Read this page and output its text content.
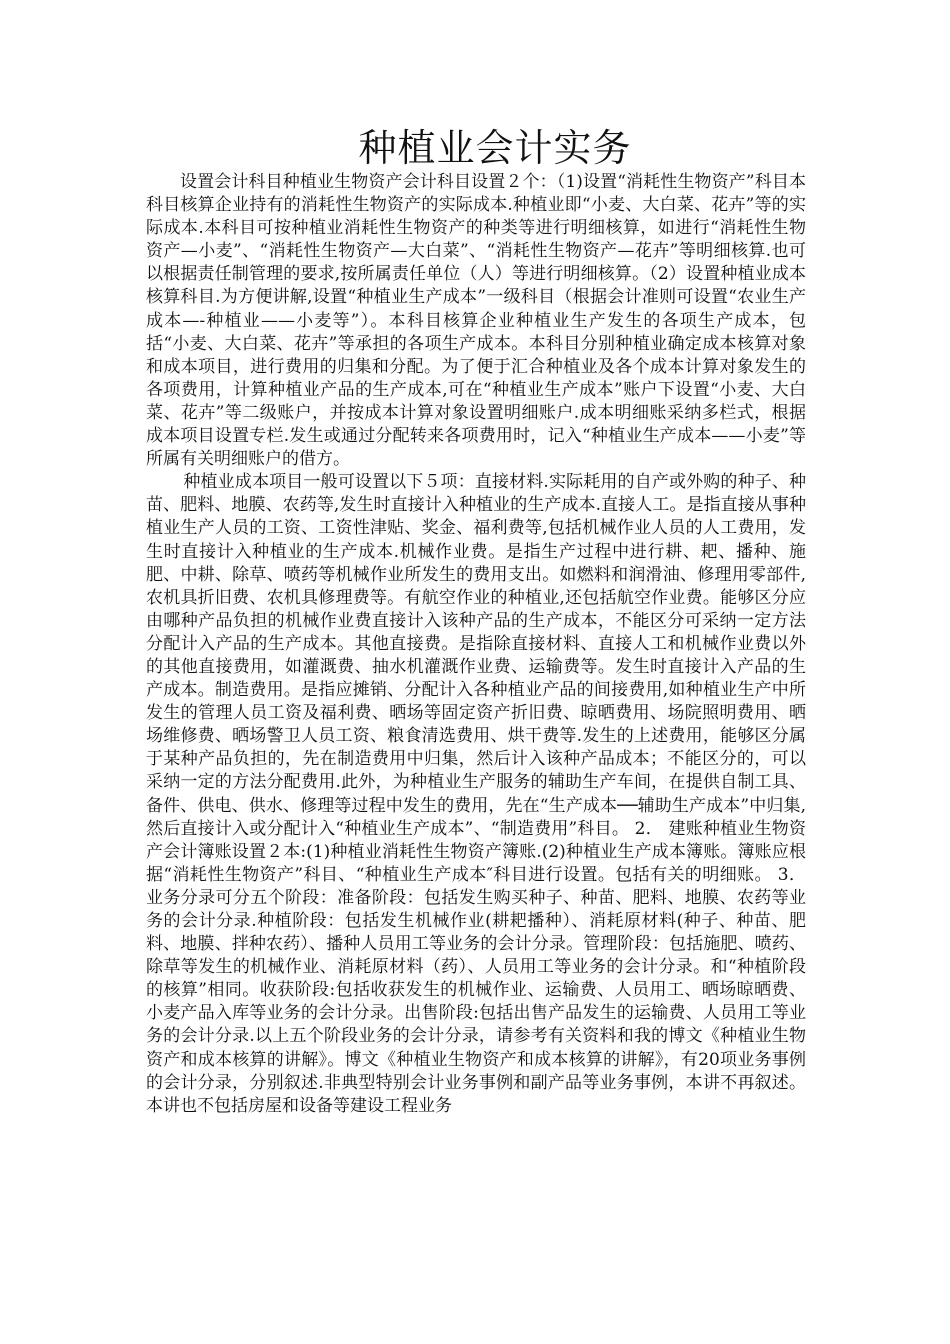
种植业会计实务

设置会计科目种植业生物资产会计科目设置２个：（1)设置“消耗性生物资产”科目本科目核算企业持有的消耗性生物资产的实际成本.种植业即“小麦、大白菜、花卉”等的实际成本.本科目可按种植业消耗性生物资产的种类等进行明细核算，如进行“消耗性生物资产—小麦”、“消耗性生物资产—大白菜”、“消耗性生物资产—花卉”等明细核算.也可以根据责任制管理的要求,按所属责任单位（人）等进行明细核算。（2）设置种植业成本核算科目.为方便讲解,设置“种植业生产成本”一级科目（根据会计准则可设置“农业生产成本—-种植业——小麦等”）。本科目核算企业种植业生产发生的各项生产成本，包括“小麦、大白菜、花卉”等承担的各项生产成本。本科目分别种植业确定成本核算对象和成本项目，进行费用的归集和分配。为了便于汇合种植业及各个成本计算对象发生的各项费用，计算种植业产品的生产成本,可在“种植业生产成本”账户下设置“小麦、大白菜、花卉”等二级账户，并按成本计算对象设置明细账户.成本明细账采纳多栏式，根据成本项目设置专栏.发生或通过分配转来各项费用时，记入“种植业生产成本——小麦”等所属有关明细账户的借方。

种植业成本项目一般可设置以下５项：直接材料.实际耗用的自产或外购的种子、种苗、肥料、地膜、农药等,发生时直接计入种植业的生产成本.直接人工。是指直接从事种植业生产人员的工资、工资性津贴、奖金、福利费等,包括机械作业人员的人工费用，发生时直接计入种植业的生产成本.机械作业费。是指生产过程中进行耕、耙、播种、施肥、中耕、除草、喷药等机械作业所发生的费用支出。如燃料和润滑油、修理用零部件,农机具折旧费、农机具修理费等。有航空作业的种植业,还包括航空作业费。能够区分应由哪种产品负担的机械作业费直接计入该种产品的生产成本，不能区分可采纳一定方法分配计入产品的生产成本。其他直接费。是指除直接材料、直接人工和机械作业费以外的其他直接费用，如灌溉费、抽水机灌溉作业费、运输费等。发生时直接计入产品的生产成本。制造费用。是指应摊销、分配计入各种植业产品的间接费用,如种植业生产中所发生的管理人员工资及福利费、晒场等固定资产折旧费、晾晒费用、场院照明费用、晒场维修费、晒场警卫人员工资、粮食清选费用、烘干费等.发生的上述费用，能够区分属于某种产品负担的，先在制造费用中归集，然后计入该种产品成本；不能区分的，可以采纳一定的方法分配费用.此外，为种植业生产服务的辅助生产车间，在提供自制工具、备件、供电、供水、修理等过程中发生的费用，先在“生产成本──辅助生产成本”中归集,然后直接计入或分配计入“种植业生产成本”、“制造费用”科目。 2． 建账种植业生物资产会计簿账设置２本:(1)种植业消耗性生物资产簿账.(2)种植业生产成本簿账。簿账应根据“消耗性生物资产”科目、“种植业生产成本″科目进行设置。包括有关的明细账。 3． 业务分录可分五个阶段：准备阶段：包括发生购买种子、种苗、肥料、地膜、农药等业务的会计分录.种植阶段：包括发生机械作业(耕耙播种）、消耗原材料(种子、种苗、肥料、地膜、拌种农药）、播种人员用工等业务的会计分录。管理阶段：包括施肥、喷药、除草等发生的机械作业、消耗原材料（药）、人员用工等业务的会计分录。和“种植阶段的核算”相同。收获阶段:包括收获发生的机械作业、运输费、人员用工、晒场晾晒费、小麦产品入库等业务的会计分录。出售阶段:包括出售产品发生的运输费、人员用工等业务的会计分录.以上五个阶段业务的会计分录，请参考有关资料和我的博文《种植业生物资产和成本核算的讲解》。博文《种植业生物资产和成本核算的讲解》，有20项业务事例的会计分录，分别叙述.非典型特别会计业务事例和副产品等业务事例，本讲不再叙述。本讲也不包括房屋和设备等建设工程业务
